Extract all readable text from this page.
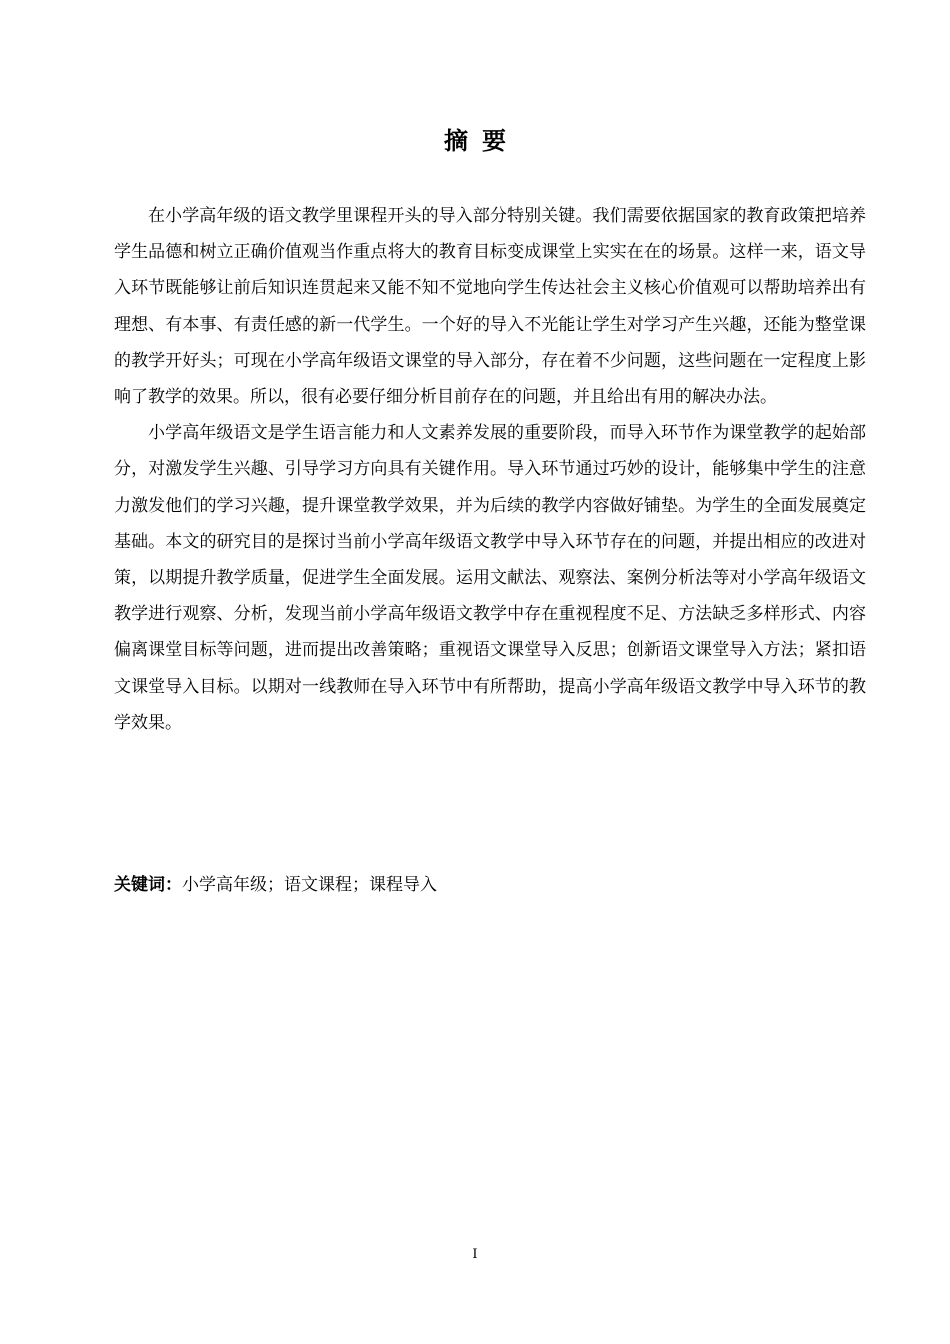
摘要

在小学高年级的语文教学里课程开头的导入部分特别关键。我们需要依据国家的教育政策把培养学生品德和树立正确价值观当作重点将大的教育目标变成课堂上实实在在的场景。这样一来，语文导入环节既能够让前后知识连贯起来又能不知不觉地向学生传达社会主义核心价值观可以帮助培养出有理想、有本事、有责任感的新一代学生。一个好的导入不光能让学生对学习产生兴趣，还能为整堂课的教学开好头；可现在小学高年级语文课堂的导入部分，存在着不少问题，这些问题在一定程度上影响了教学的效果。所以，很有必要仔细分析目前存在的问题，并且给出有用的解决办法。

小学高年级语文是学生语言能力和人文素养发展的重要阶段，而导入环节作为课堂教学的起始部分，对激发学生兴趣、引导学习方向具有关键作用。导入环节通过巧妙的设计，能够集中学生的注意力激发他们的学习兴趣，提升课堂教学效果，并为后续的教学内容做好铺垫。为学生的全面发展奠定基础。本文的研究目的是探讨当前小学高年级语文教学中导入环节存在的问题，并提出相应的改进对策，以期提升教学质量，促进学生全面发展。运用文献法、观察法、案例分析法等对小学高年级语文教学进行观察、分析，发现当前小学高年级语文教学中存在重视程度不足、方法缺乏多样形式、内容偏离课堂目标等问题，进而提出改善策略；重视语文课堂导入反思；创新语文课堂导入方法；紧扣语文课堂导入目标。以期对一线教师在导入环节中有所帮助，提高小学高年级语文教学中导入环节的教学效果。

关键词：小学高年级；语文课程；课程导入
I
